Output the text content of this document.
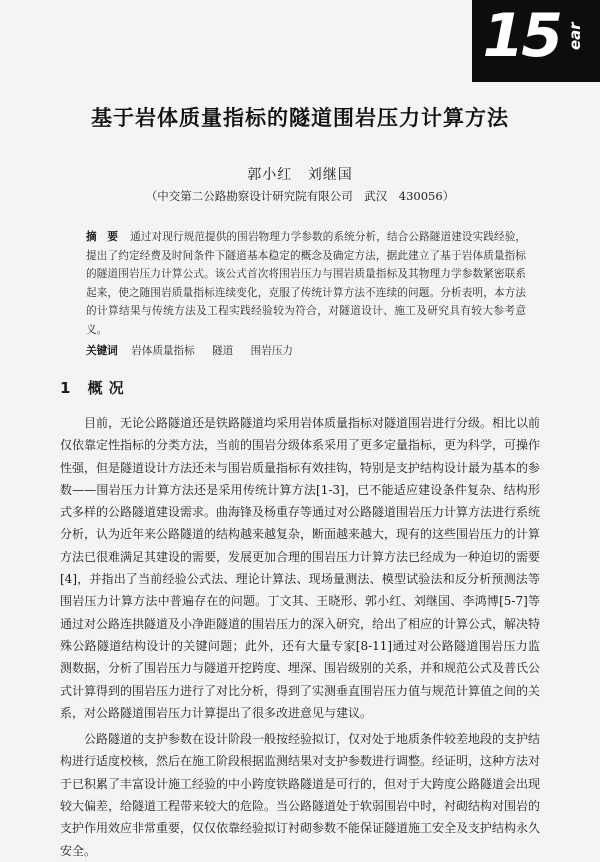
15 ear
基于岩体质量指标的隧道围岩压力计算方法
郭小红 刘继国
（中交第二公路勘察设计研究院有限公司　武汉　430056）
摘　要 通过对现行规范提供的围岩物理力学参数的系统分析，结合公路隧道建设实践经验，提出了约定经费及时间条件下隧道基本稳定的概念及确定方法，据此建立了基于岩体质量指标的隧道围岩压力计算公式。该公式首次将围岩压力与围岩质量指标及其物理力学参数紧密联系起来，使之随围岩质量指标连续变化，克服了传统计算方法不连续的问题。分析表明，本方法的计算结果与传统方法及工程实践经验较为符合，对隧道设计、施工及研究具有较大参考意义。
关键词 岩体质量指标 隧道 围岩压力
1 概况

目前，无论公路隧道还是铁路隧道均采用岩体质量指标对隧道围岩进行分级。相比以前仅依靠定性指标的分类方法，当前的围岩分级体系采用了更多定量指标，更为科学，可操作性强，但是隧道设计方法还未与围岩质量指标有效挂钩，特别是支护结构设计最为基本的参数——围岩压力计算方法还是采用传统计算方法[1-3]，已不能适应建设条件复杂、结构形式多样的公路隧道建设需求。曲海锋及杨重存等通过对公路隧道围岩压力计算方法进行系统分析，认为近年来公路隧道的结构越来越复杂，断面越来越大，现有的这些围岩压力的计算方法已很难满足其建设的需要，发展更加合理的围岩压力计算方法已经成为一种迫切的需要[4]，并指出了当前经验公式法、理论计算法、现场量测法、模型试验法和反分析预测法等围岩压力计算方法中普遍存在的问题。丁文其、王晓形、郭小红、刘继国、李鸿博[5-7]等通过对公路连拱隧道及小净距隧道的围岩压力的深入研究，给出了相应的计算公式，解决特殊公路隧道结构设计的关键问题；此外，还有大量专家[8-11]通过对公路隧道围岩压力监测数据，分析了围岩压力与隧道开挖跨度、埋深、围岩级别的关系，并和规范公式及普氏公式计算得到的围岩压力进行了对比分析，得到了实测垂直围岩压力值与规范计算值之间的关系，对公路隧道围岩压力计算提出了很多改进意见与建议。

公路隧道的支护参数在设计阶段一般按经验拟订，仅对处于地质条件较差地段的支护结构进行适度校核，然后在施工阶段根据监测结果对支护参数进行调整。经证明，这种方法对于已积累了丰富设计施工经验的中小跨度铁路隧道是可行的，但对于大跨度公路隧道会出现较大偏差，给隧道工程带来较大的危险。当公路隧道处于软弱围岩中时，衬砌结构对围岩的支护作用效应非常重要，仅仅依靠经验拟订衬砌参数不能保证隧道施工安全及支护结构永久安全。
